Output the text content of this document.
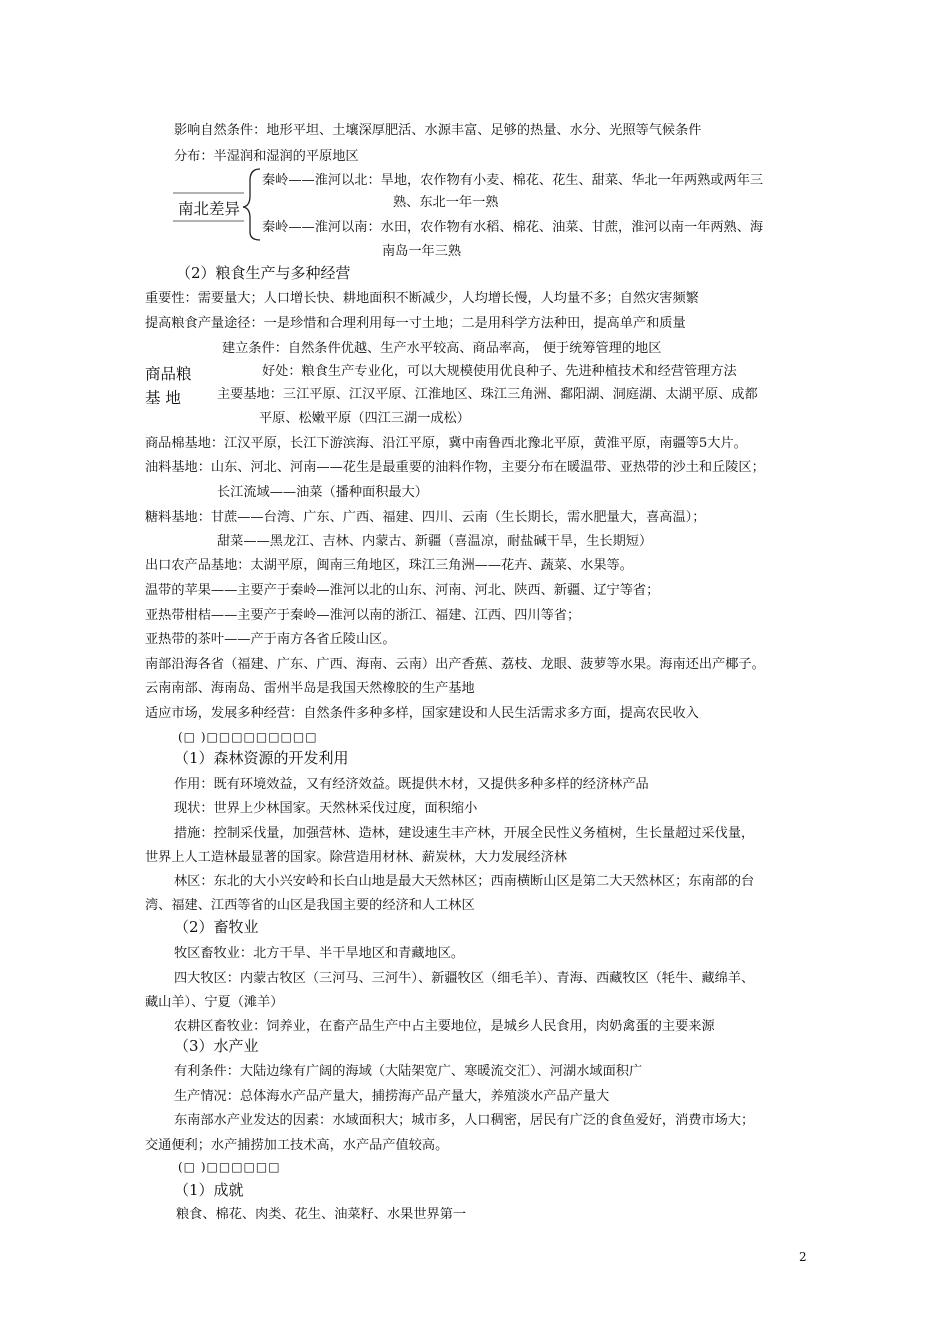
影响自然条件：地形平坦、土壤深厚肥活、水源丰富、足够的热量、水分、光照等气候条件
分布：半湿润和湿润的平原地区
南北差异
秦岭——淮河以北：旱地，农作物有小麦、棉花、花生、甜菜、华北一年两熟或两年三
熟、东北一年一熟
秦岭——淮河以南：水田，农作物有水稻、棉花、油菜、甘蔗，淮河以南一年两熟、海
南岛一年三熟
（2）粮食生产与多种经营
重要性：需要量大；人口增长快、耕地面积不断减少，人均增长慢，人均量不多；自然灾害频繁
提高粮食产量途径：一是珍惜和合理利用每一寸土地；二是用科学方法种田，提高单产和质量
建立条件：自然条件优越、生产水平较高、商品率高， 便于统筹管理的地区
商品粮	好处：粮食生产专业化，可以大规模使用优良种子、先进种植技术和经营管理方法
基 地	主要基地：三江平原、江汉平原、江淮地区、珠江三角洲、鄱阳湖、洞庭湖、太湖平原、成都
平原、松嫩平原（四江三湖一成松）
商品棉基地：江汉平原，长江下游滨海、沿江平原，冀中南鲁西北豫北平原，黄淮平原，南疆等5大片。
油料基地：山东、河北、河南——花生是最重要的油料作物，主要分布在暖温带、亚热带的沙土和丘陵区；
长江流域——油菜（播种面积最大）
糖料基地：甘蔗——台湾、广东、广西、福建、四川、云南（生长期长，需水肥量大，喜高温）；
甜菜——黑龙江、吉林、内蒙古、新疆（喜温凉，耐盐碱干旱，生长期短）
出口农产品基地：太湖平原，闽南三角地区，珠江三角洲——花卉、蔬菜、水果等。
温带的苹果——主要产于秦岭—淮河以北的山东、河南、河北、陕西、新疆、辽宁等省；
亚热带柑桔——主要产于秦岭—淮河以南的浙江、福建、江西、四川等省；
亚热带的茶叶——产于南方各省丘陵山区。
南部沿海各省（福建、广东、广西、海南、云南）出产香蕉、荔枝、龙眼、菠萝等水果。海南还出产椰子。
云南南部、海南岛、雷州半岛是我国天然橡胶的生产基地
适应市场，发展多种经营：自然条件多种多样，国家建设和人民生活需求多方面，提高农民收入
(□ )□□□□□□□□□
（1）森林资源的开发利用
作用：既有环境效益，又有经济效益。既提供木材，又提供多种多样的经济林产品
现状：世界上少林国家。天然林采伐过度，面积缩小
措施：控制采伐量，加强营林、造林，建设速生丰产林，开展全民性义务植树，生长量超过采伐量，
世界上人工造林最显著的国家。除营造用材林、薪炭林，大力发展经济林
林区：东北的大小兴安岭和长白山地是最大天然林区；西南横断山区是第二大天然林区；东南部的台
湾、福建、江西等省的山区是我国主要的经济和人工林区
（2）畜牧业
牧区畜牧业：北方干旱、半干旱地区和青藏地区。
四大牧区：内蒙古牧区（三河马、三河牛）、新疆牧区（细毛羊）、青海、西藏牧区（牦牛、藏绵羊、
藏山羊）、宁夏（滩羊）
农耕区畜牧业：饲养业，在畜产品生产中占主要地位，是城乡人民食用，肉奶禽蛋的主要来源
（3）水产业
有利条件：大陆边缘有广阔的海域（大陆架宽广、寒暖流交汇）、河湖水域面积广
生产情况：总体海水产品产量大，捕捞海产品产量大，养殖淡水产品产量大
东南部水产业发达的因素：水域面积大；城市多，人口稠密，居民有广泛的食鱼爱好，消费市场大；
交通便利；水产捕捞加工技术高，水产品产值较高。
(□ )□□□□□□
（1）成就
粮食、棉花、肉类、花生、油菜籽、水果世界第一
2
